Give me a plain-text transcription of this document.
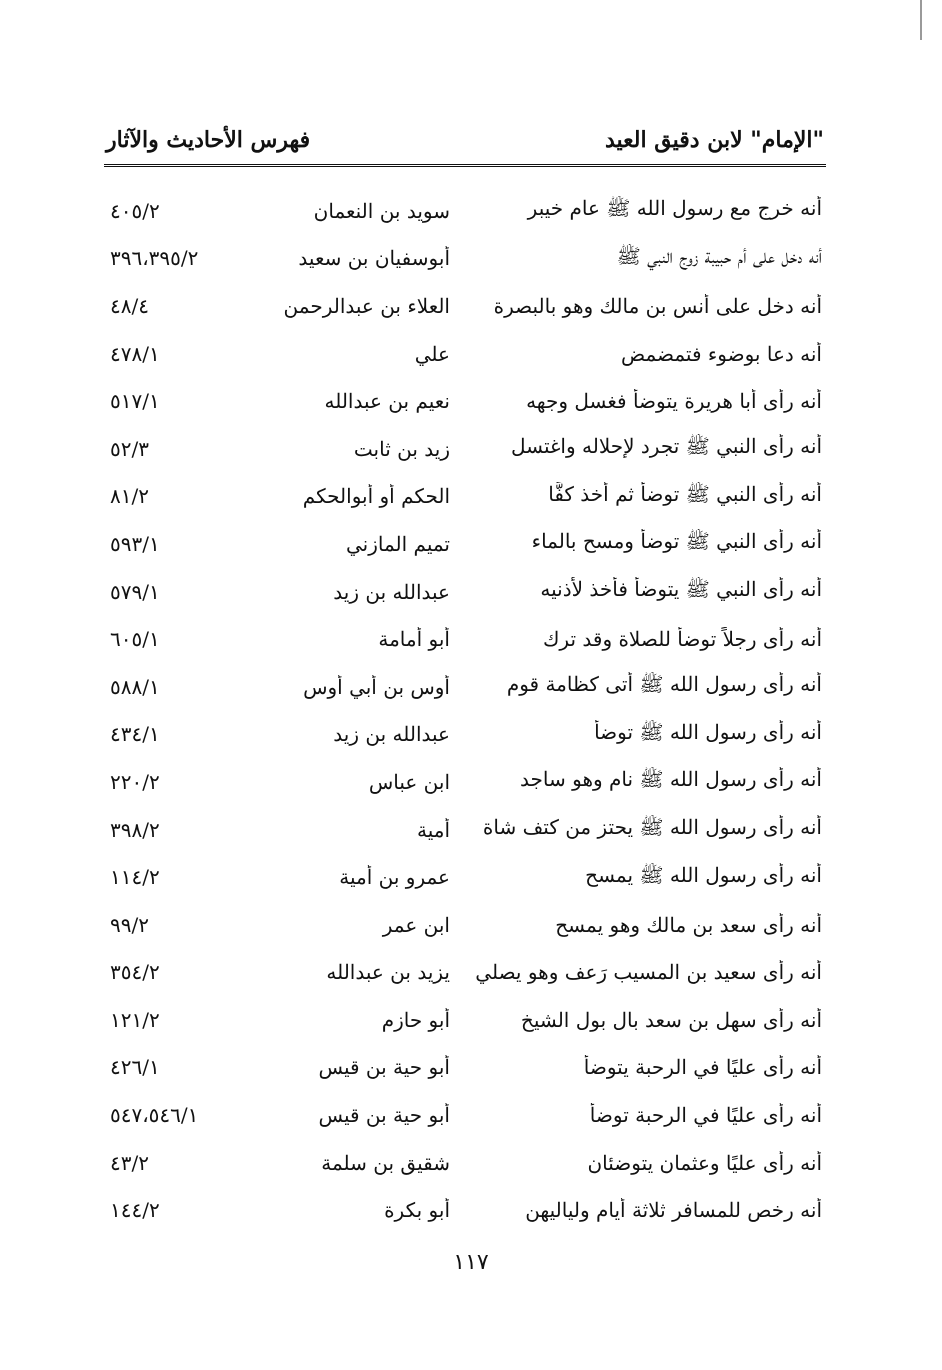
"الإمام" لابن دقيق العيد
فهرس الأحاديث والآثار
أنه خرج مع رسول الله ﷺ عام خيبر
سويد بن النعمان
٤٠٥/٢
أنه دخل على أم حبيبة زوج النبي ﷺ
أبوسفيان بن سعيد
٣٩٦،٣٩٥/٢
أنه دخل على أنس بن مالك وهو بالبصرة
العلاء بن عبدالرحمن
٤٨/٤
أنه دعا بوضوء فتمضمض
علي
٤٧٨/١
أنه رأى أبا هريرة يتوضأ فغسل وجهه
نعيم بن عبدالله
٥١٧/١
أنه رأى النبي ﷺ تجرد لإحلاله واغتسل
زيد بن ثابت
٥٢/٣
أنه رأى النبي ﷺ توضأ ثم أخذ كفًّا
الحكم أو أبوالحكم
٨١/٢
أنه رأى النبي ﷺ توضأ ومسح بالماء
تميم المازني
٥٩٣/١
أنه رأى النبي ﷺ يتوضأ فأخذ لأذنيه
عبدالله بن زيد
٥٧٩/١
أنه رأى رجلاً توضأ للصلاة وقد ترك
أبو أمامة
٦٠٥/١
أنه رأى رسول الله ﷺ أتى كظامة قوم
أوس بن أبي أوس
٥٨٨/١
أنه رأى رسول الله ﷺ توضأ
عبدالله بن زيد
٤٣٤/١
أنه رأى رسول الله ﷺ نام وهو ساجد
ابن عباس
٢٢٠/٢
أنه رأى رسول الله ﷺ يحتز من كتف شاة
أمية
٣٩٨/٢
أنه رأى رسول الله ﷺ يمسح
عمرو بن أمية
١١٤/٢
أنه رأى سعد بن مالك وهو يمسح
ابن عمر
٩٩/٢
أنه رأى سعيد بن المسيب رَعف وهو يصلي
يزيد بن عبدالله
٣٥٤/٢
أنه رأى سهل بن سعد بال بول الشيخ
أبو حازم
١٢١/٢
أنه رأى عليًا في الرحبة يتوضأ
أبو حية بن قيس
٤٢٦/١
أنه رأى عليًا في الرحبة توضأ
أبو حية بن قيس
٥٤٧،٥٤٦/١
أنه رأى عليًا وعثمان يتوضئان
شقيق بن سلمة
٤٣/٢
أنه رخص للمسافر ثلاثة أيام ولياليهن
أبو بكرة
١٤٤/٢
١١٧
